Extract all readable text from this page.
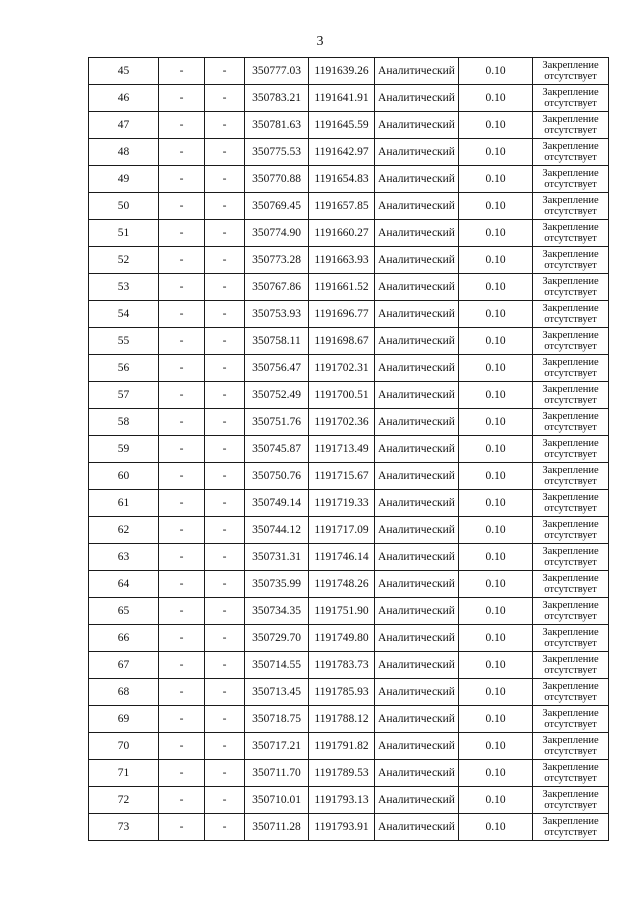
3
45	-	-	350777.03	1191639.26	Аналитический	0.10	Закрепление
отсутствует

46	-	-	350783.21	1191641.91	Аналитический	0.10	Закрепление
отсутствует

47	-	-	350781.63	1191645.59	Аналитический	0.10	Закрепление
отсутствует

48	-	-	350775.53	1191642.97	Аналитический	0.10	Закрепление
отсутствует

49	-	-	350770.88	1191654.83	Аналитический	0.10	Закрепление
отсутствует

50	-	-	350769.45	1191657.85	Аналитический	0.10	Закрепление
отсутствует

51	-	-	350774.90	1191660.27	Аналитический	0.10	Закрепление
отсутствует

52	-	-	350773.28	1191663.93	Аналитический	0.10	Закрепление
отсутствует

53	-	-	350767.86	1191661.52	Аналитический	0.10	Закрепление
отсутствует

54	-	-	350753.93	1191696.77	Аналитический	0.10	Закрепление
отсутствует

55	-	-	350758.11	1191698.67	Аналитический	0.10	Закрепление
отсутствует

56	-	-	350756.47	1191702.31	Аналитический	0.10	Закрепление
отсутствует

57	-	-	350752.49	1191700.51	Аналитический	0.10	Закрепление
отсутствует

58	-	-	350751.76	1191702.36	Аналитический	0.10	Закрепление
отсутствует

59	-	-	350745.87	1191713.49	Аналитический	0.10	Закрепление
отсутствует

60	-	-	350750.76	1191715.67	Аналитический	0.10	Закрепление
отсутствует

61	-	-	350749.14	1191719.33	Аналитический	0.10	Закрепление
отсутствует

62	-	-	350744.12	1191717.09	Аналитический	0.10	Закрепление
отсутствует

63	-	-	350731.31	1191746.14	Аналитический	0.10	Закрепление
отсутствует

64	-	-	350735.99	1191748.26	Аналитический	0.10	Закрепление
отсутствует

65	-	-	350734.35	1191751.90	Аналитический	0.10	Закрепление
отсутствует

66	-	-	350729.70	1191749.80	Аналитический	0.10	Закрепление
отсутствует

67	-	-	350714.55	1191783.73	Аналитический	0.10	Закрепление
отсутствует

68	-	-	350713.45	1191785.93	Аналитический	0.10	Закрепление
отсутствует

69	-	-	350718.75	1191788.12	Аналитический	0.10	Закрепление
отсутствует

70	-	-	350717.21	1191791.82	Аналитический	0.10	Закрепление
отсутствует

71	-	-	350711.70	1191789.53	Аналитический	0.10	Закрепление
отсутствует

72	-	-	350710.01	1191793.13	Аналитический	0.10	Закрепление
отсутствует

73	-	-	350711.28	1191793.91	Аналитический	0.10	Закрепление
отсутствует
